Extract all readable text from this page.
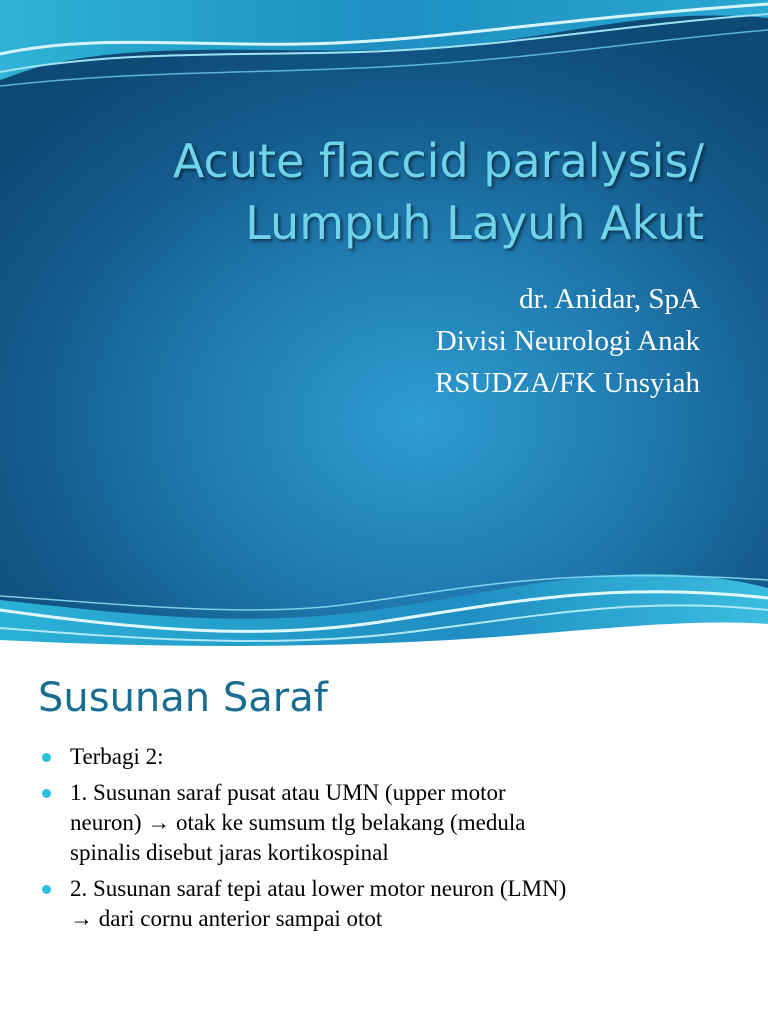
Acute flaccid paralysis/
Lumpuh Layuh Akut
dr. Anidar, SpA
Divisi Neurologi Anak
RSUDZA/FK Unsyiah
Susunan Saraf
Terbagi 2:
1. Susunan saraf pusat atau UMN (upper motor
neuron) → otak ke sumsum tlg belakang (medula
spinalis disebut jaras kortikospinal
2. Susunan saraf tepi atau lower motor neuron (LMN)
→ dari cornu anterior sampai otot
